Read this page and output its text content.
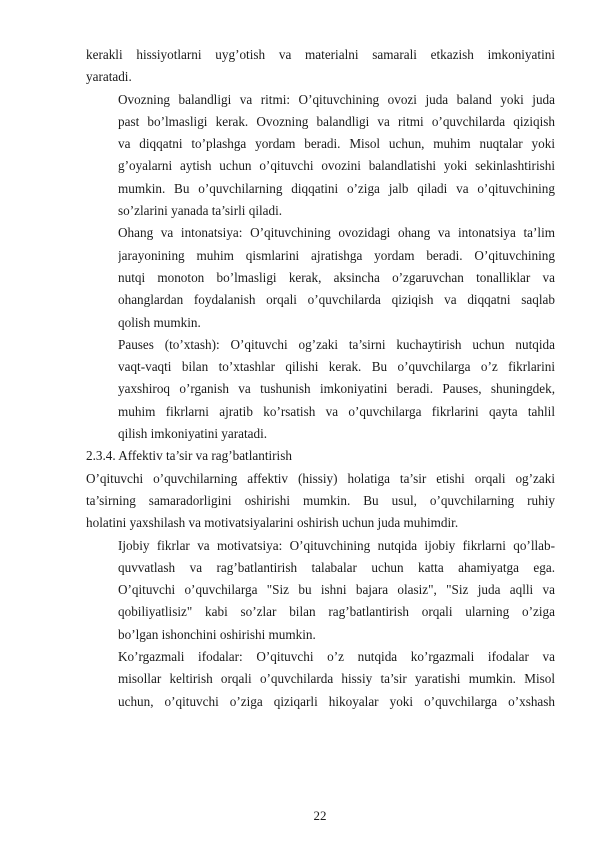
kerakli hissiyotlarni uyg’otish va materialni samarali etkazish imkoniyatini
yaratadi.
Ovozning balandligi va ritmi: O’qituvchining ovozi juda baland yoki juda
past bo’lmasligi kerak. Ovozning balandligi va ritmi o’quvchilarda qiziqish
va diqqatni to’plashga yordam beradi. Misol uchun, muhim nuqtalar yoki
g’oyalarni aytish uchun o’qituvchi ovozini balandlatishi yoki sekinlashtirishi
mumkin. Bu o’quvchilarning diqqatini o’ziga jalb qiladi va o’qituvchining
so’zlarini yanada ta’sirli qiladi.
Ohang va intonatsiya: O’qituvchining ovozidagi ohang va intonatsiya ta’lim
jarayonining muhim qismlarini ajratishga yordam beradi. O’qituvchining
nutqi monoton bo’lmasligi kerak, aksincha o’zgaruvchan tonalliklar va
ohanglardan foydalanish orqali o’quvchilarda qiziqish va diqqatni saqlab
qolish mumkin.
Pauses (to’xtash): O’qituvchi og’zaki ta’sirni kuchaytirish uchun nutqida
vaqt-vaqti bilan to’xtashlar qilishi kerak. Bu o’quvchilarga o’z fikrlarini
yaxshiroq o’rganish va tushunish imkoniyatini beradi. Pauses, shuningdek,
muhim fikrlarni ajratib ko’rsatish va o’quvchilarga fikrlarini qayta tahlil
qilish imkoniyatini yaratadi.
2.3.4. Affektiv ta’sir va rag’batlantirish
O’qituvchi o’quvchilarning affektiv (hissiy) holatiga ta’sir etishi orqali og’zaki
ta’sirning samaradorligini oshirishi mumkin. Bu usul, o’quvchilarning ruhiy
holatini yaxshilash va motivatsiyalarini oshirish uchun juda muhimdir.
Ijobiy fikrlar va motivatsiya: O’qituvchining nutqida ijobiy fikrlarni qo’llab-
quvvatlash va rag’batlantirish talabalar uchun katta ahamiyatga ega.
O’qituvchi o’quvchilarga "Siz bu ishni bajara olasiz", "Siz juda aqlli va
qobiliyatlisiz" kabi so’zlar bilan rag’batlantirish orqali ularning o’ziga
bo’lgan ishonchini oshirishi mumkin.
Ko’rgazmali ifodalar: O’qituvchi o’z nutqida ko’rgazmali ifodalar va
misollar keltirish orqali o’quvchilarda hissiy ta’sir yaratishi mumkin. Misol
uchun, o’qituvchi o’ziga qiziqarli hikoyalar yoki o’quvchilarga o’xshash
22
